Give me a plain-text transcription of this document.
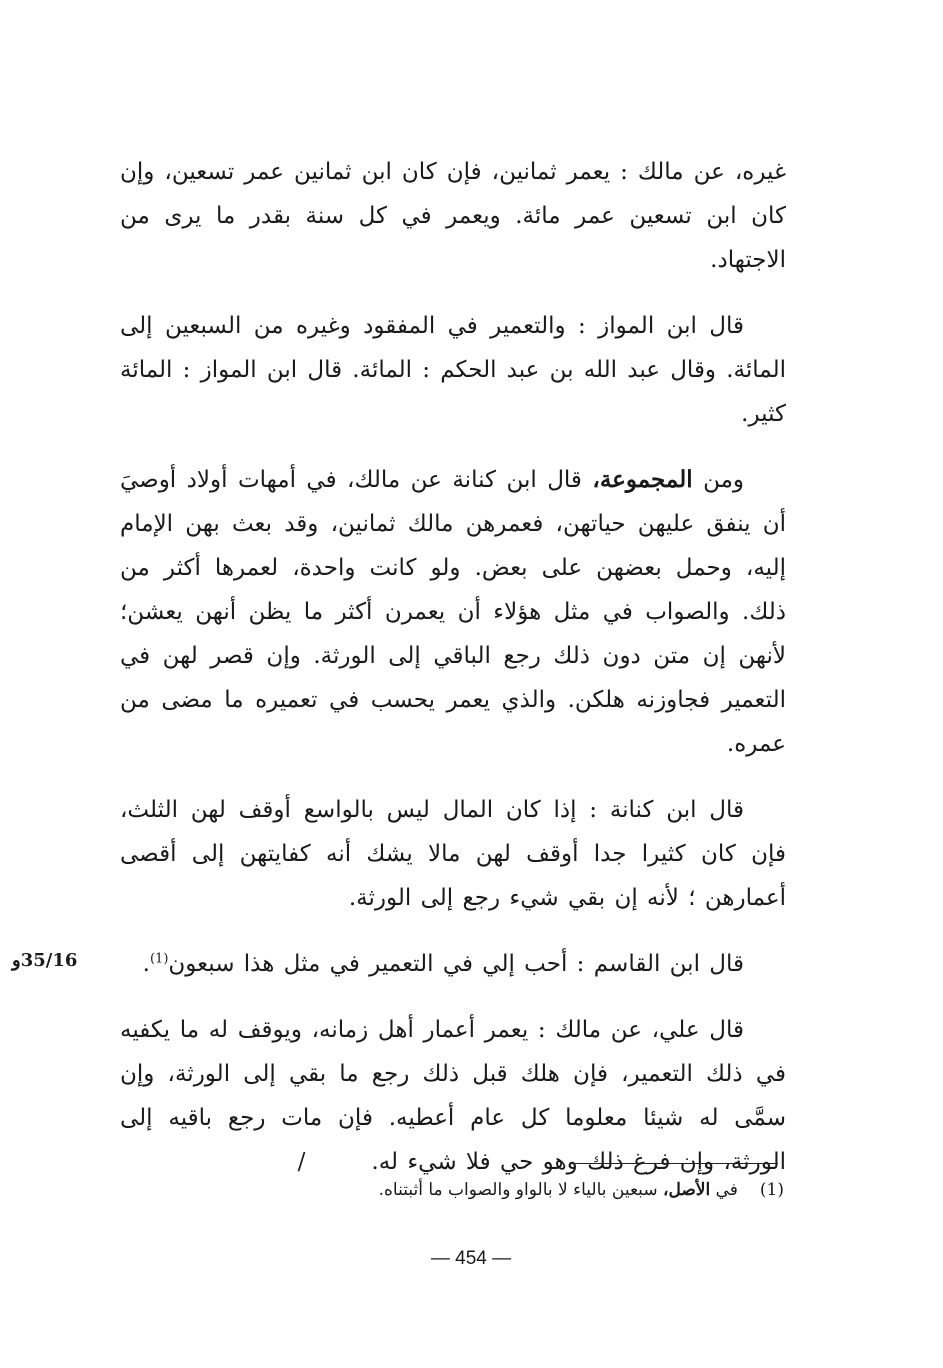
غيره، عن مالك : يعمر ثمانين، فإن كان ابن ثمانين عمر تسعين، وإن كان ابن تسعين عمر مائة. ويعمر في كل سنة بقدر ما يرى من الاجتهاد.

قال ابن المواز : والتعمير في المفقود وغيره من السبعين إلى المائة. وقال عبد الله بن عبد الحكم : المائة. قال ابن المواز : المائة كثير.

ومن المجموعة، قال ابن كنانة عن مالك، في أمهات أولاد أوصيَ أن ينفق عليهن حياتهن، فعمرهن مالك ثمانين، وقد بعث بهن الإمام إليه، وحمل بعضهن على بعض. ولو كانت واحدة، لعمرها أكثر من ذلك. والصواب في مثل هؤلاء أن يعمرن أكثر ما يظن أنهن يعشن؛ لأنهن إن متن دون ذلك رجع الباقي إلى الورثة. وإن قصر لهن في التعمير فجاوزنه هلكن. والذي يعمر يحسب في تعميره ما مضى من عمره.

قال ابن كنانة : إذا كان المال ليس بالواسع أوقف لهن الثلث، فإن كان كثيرا جدا أوقف لهن مالا يشك أنه كفايتهن إلى أقصى أعمارهن ؛ لأنه إن بقي شيء رجع إلى الورثة.

قال ابن القاسم : أحب إلي في التعمير في مثل هذا سبعون$^{(1)}$.

قال علي، عن مالك : يعمر أعمار أهل زمانه، ويوقف له ما يكفيه في ذلك التعمير، فإن هلك قبل ذلك رجع ما بقي إلى الورثة، وإن سمَّى له شيئا معلوما كل عام أعطيه. فإن مات رجع باقيه إلى الورثة، وإن فرغ ذلك وهو حي فلا شيء له./

35/16و
(1)في الأصل، سبعين بالياء لا بالواو والصواب ما أثبتناه.
— 454 —
